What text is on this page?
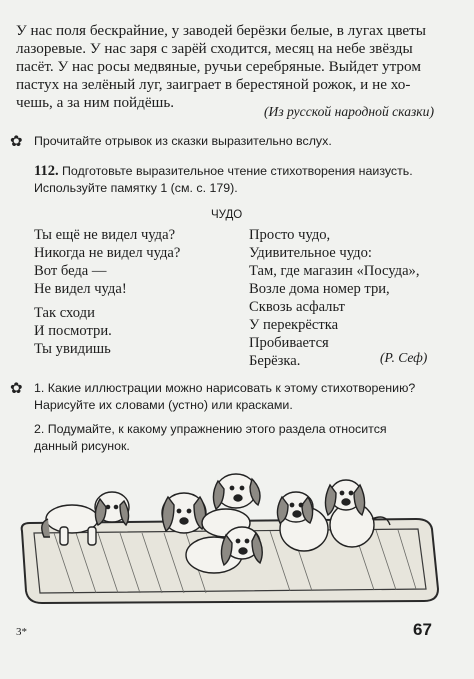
У нас поля бескрайние, у заводей берёзки белые, в лугах цветы
лазоревые. У нас заря с зарёй сходится, месяц на небе звёзды
пасёт. У нас росы медвяные, ручьи серебряные. Выйдет утром
пастух на зелёный луг, заиграет в берестяной рожок, и не хо-
чешь, а за ним пойдёшь.
(Из русской народной сказки)
✿ Прочитайте отрывок из сказки выразительно вслух.
112. Подготовьте выразительное чтение стихотворения наизусть.
Используйте памятку 1 (см. с. 179).
ЧУДО
Ты ещё не видел чуда?
Никогда не видел чуда?
Вот беда —
Не видел чуда!
Так сходи
И посмотри.
Ты увидишь
Просто чудо,
Удивительное чудо:
Там, где магазин «Посуда»,
Возле дома номер три,
Сквозь асфальт
У перекрёстка
Пробивается
Берёзка.	(Р. Сеф)
✿ 1. Какие иллюстрации можно нарисовать к этому стихотворению?
Нарисуйте их словами (устно) или красками.
2. Подумайте, к какому упражнению этого раздела относится
данный рисунок.
3*	67
